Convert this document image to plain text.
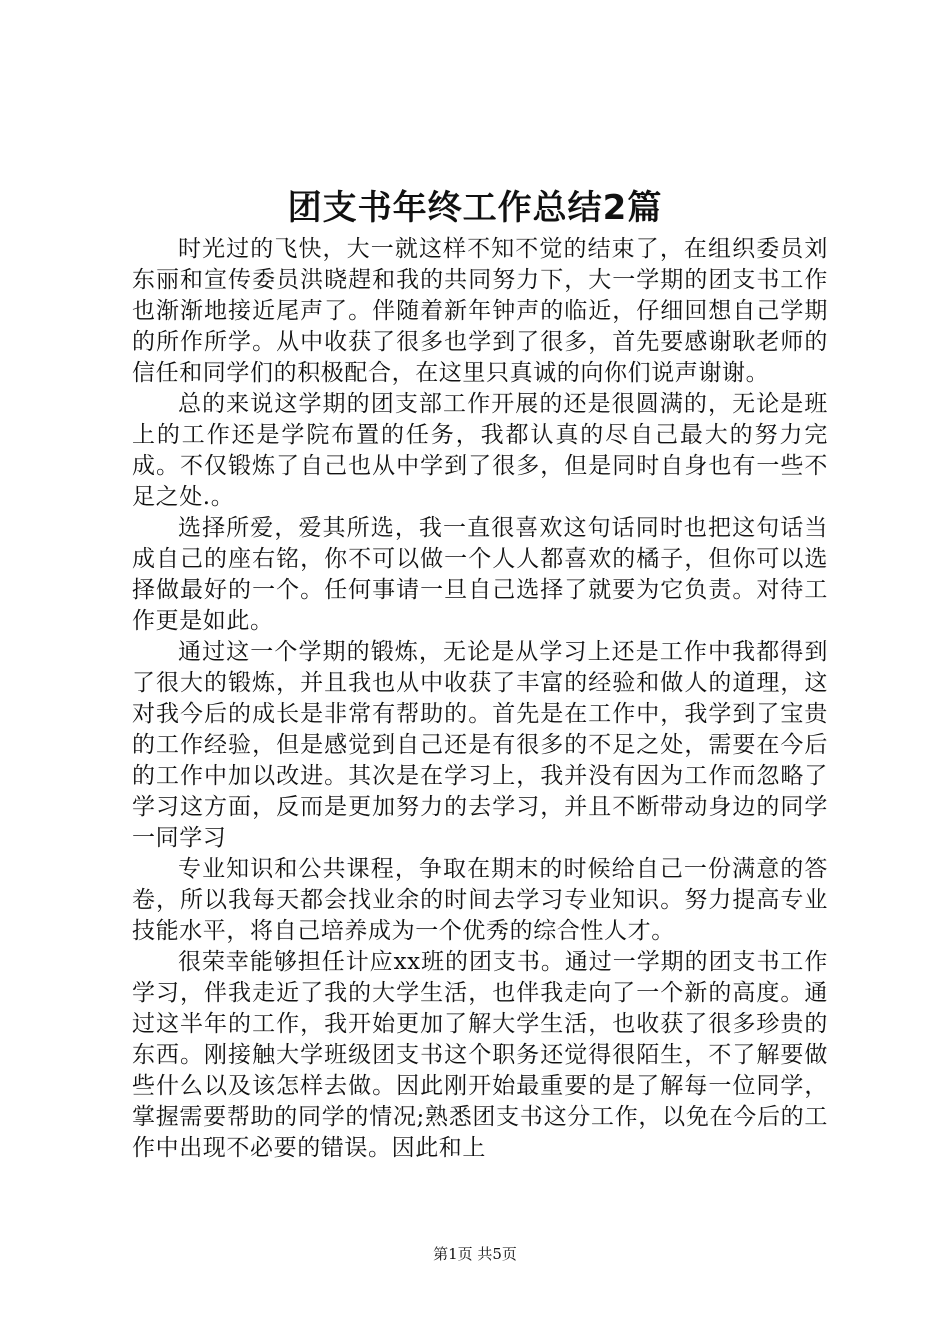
团支书年终工作总结2篇

时光过的飞快，大一就这样不知不觉的结束了，在组织委员刘东丽和宣传委员洪晓趕和我的共同努力下，大一学期的团支书工作也渐渐地接近尾声了。伴随着新年钟声的临近，仔细回想自己学期的所作所学。从中收获了很多也学到了很多，首先要感谢耿老师的信任和同学们的积极配合，在这里只真诚的向你们说声谢谢。

总的来说这学期的团支部工作开展的还是很圆满的，无论是班上的工作还是学院布置的任务，我都认真的尽自己最大的努力完成。不仅锻炼了自己也从中学到了很多，但是同时自身也有一些不足之处.。

选择所爱，爱其所选，我一直很喜欢这句话同时也把这句话当成自己的座右铭，你不可以做一个人人都喜欢的橘子，但你可以选择做最好的一个。任何事请一旦自己选择了就要为它负责。对待工作更是如此。

通过这一个学期的锻炼，无论是从学习上还是工作中我都得到了很大的锻炼，并且我也从中收获了丰富的经验和做人的道理，这对我今后的成长是非常有帮助的。首先是在工作中，我学到了宝贵的工作经验，但是感觉到自己还是有很多的不足之处，需要在今后的工作中加以改进。其次是在学习上，我并没有因为工作而忽略了学习这方面，反而是更加努力的去学习，并且不断带动身边的同学一同学习

专业知识和公共课程，争取在期末的时候给自己一份满意的答卷，所以我每天都会找业余的时间去学习专业知识。努力提高专业技能水平，将自己培养成为一个优秀的综合性人才。

很荣幸能够担任计应xx班的团支书。通过一学期的团支书工作学习，伴我走近了我的大学生活，也伴我走向了一个新的高度。通过这半年的工作，我开始更加了解大学生活，也收获了很多珍贵的东西。刚接触大学班级团支书这个职务还觉得很陌生，不了解要做些什么以及该怎样去做。因此刚开始最重要的是了解每一位同学，掌握需要帮助的同学的情况;熟悉团支书这分工作，以免在今后的工作中出现不必要的错误。因此和上

第1页 共5页
